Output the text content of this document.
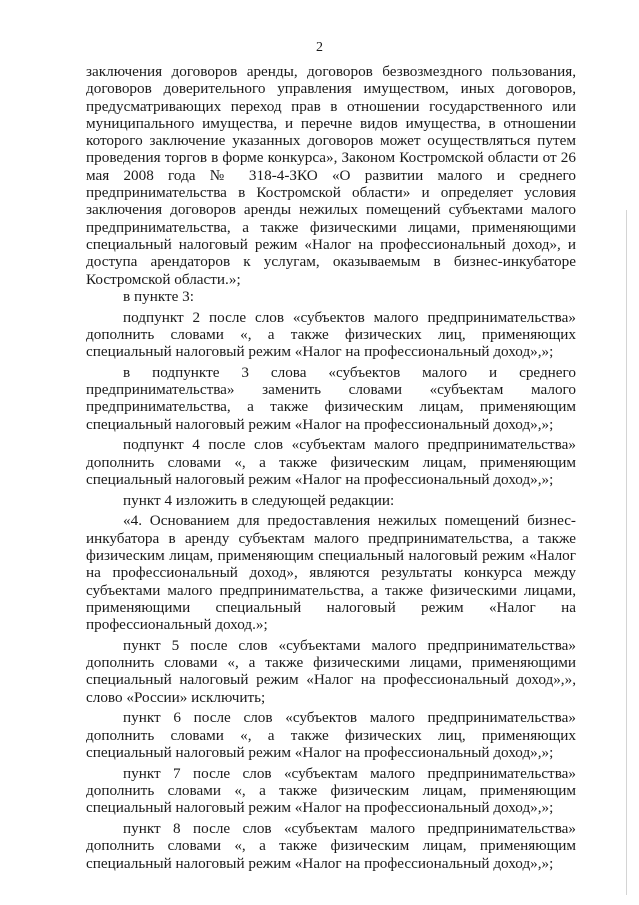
2

заключения договоров аренды, договоров безвозмездного пользования, договоров доверительного управления имуществом, иных договоров, предусматривающих переход прав в отношении государственного или муниципального имущества, и перечне видов имущества, в отношении которого заключение указанных договоров может осуществляться путем проведения торгов в форме конкурса», Законом Костромской области от 26 мая 2008 года № 318-4-ЗКО «О развитии малого и среднего предпринимательства в Костромской области» и определяет условия заключения договоров аренды нежилых помещений субъектами малого предпринимательства, а также физическими лицами, применяющими специальный налоговый режим «Налог на профессиональный доход», и доступа арендаторов к услугам, оказываемым в бизнес-инкубаторе Костромской области.»;

в пункте 3:

подпункт 2 после слов «субъектов малого предпринимательства» дополнить словами «, а также физических лиц, применяющих специальный налоговый режим «Налог на профессиональный доход»,»;

в подпункте 3 слова «субъектов малого и среднего предпринимательства» заменить словами «субъектам малого предпринимательства, а также физическим лицам, применяющим специальный налоговый режим «Налог на профессиональный доход»,»;

подпункт 4 после слов «субъектам малого предпринимательства» дополнить словами «, а также физическим лицам, применяющим специальный налоговый режим «Налог на профессиональный доход»,»;

пункт 4 изложить в следующей редакции:

«4. Основанием для предоставления нежилых помещений бизнес-инкубатора в аренду субъектам малого предпринимательства, а также физическим лицам, применяющим специальный налоговый режим «Налог на профессиональный доход», являются результаты конкурса между субъектами малого предпринимательства, а также физическими лицами, применяющими специальный налоговый режим «Налог на профессиональный доход.»;

пункт 5 после слов «субъектами малого предпринимательства» дополнить словами «, а также физическими лицами, применяющими специальный налоговый режим «Налог на профессиональный доход»,», слово «России» исключить;

пункт 6 после слов «субъектов малого предпринимательства» дополнить словами «, а также физических лиц, применяющих специальный налоговый режим «Налог на профессиональный доход»,»;

пункт 7 после слов «субъектам малого предпринимательства» дополнить словами «, а также физическим лицам, применяющим специальный налоговый режим «Налог на профессиональный доход»,»;

пункт 8 после слов «субъектам малого предпринимательства» дополнить словами «, а также физическим лицам, применяющим специальный налоговый режим «Налог на профессиональный доход»,»;
